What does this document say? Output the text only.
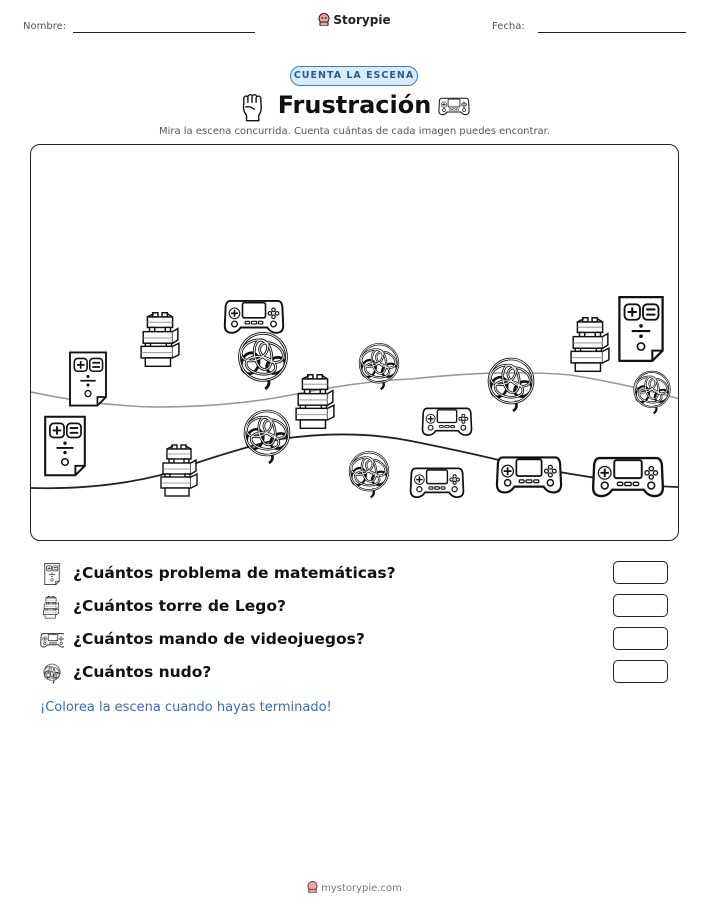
Nombre:	Storypie	Fecha:
CUENTA LA ESCENA
Frustración
Mira la escena concurrida. Cuenta cuántas de cada imagen puedes encontrar.
¿Cuántos problema de matemáticas?
¿Cuántos torre de Lego?
¿Cuántos mando de videojuegos?
¿Cuántos nudo?
¡Colorea la escena cuando hayas terminado!
mystorypie.com
